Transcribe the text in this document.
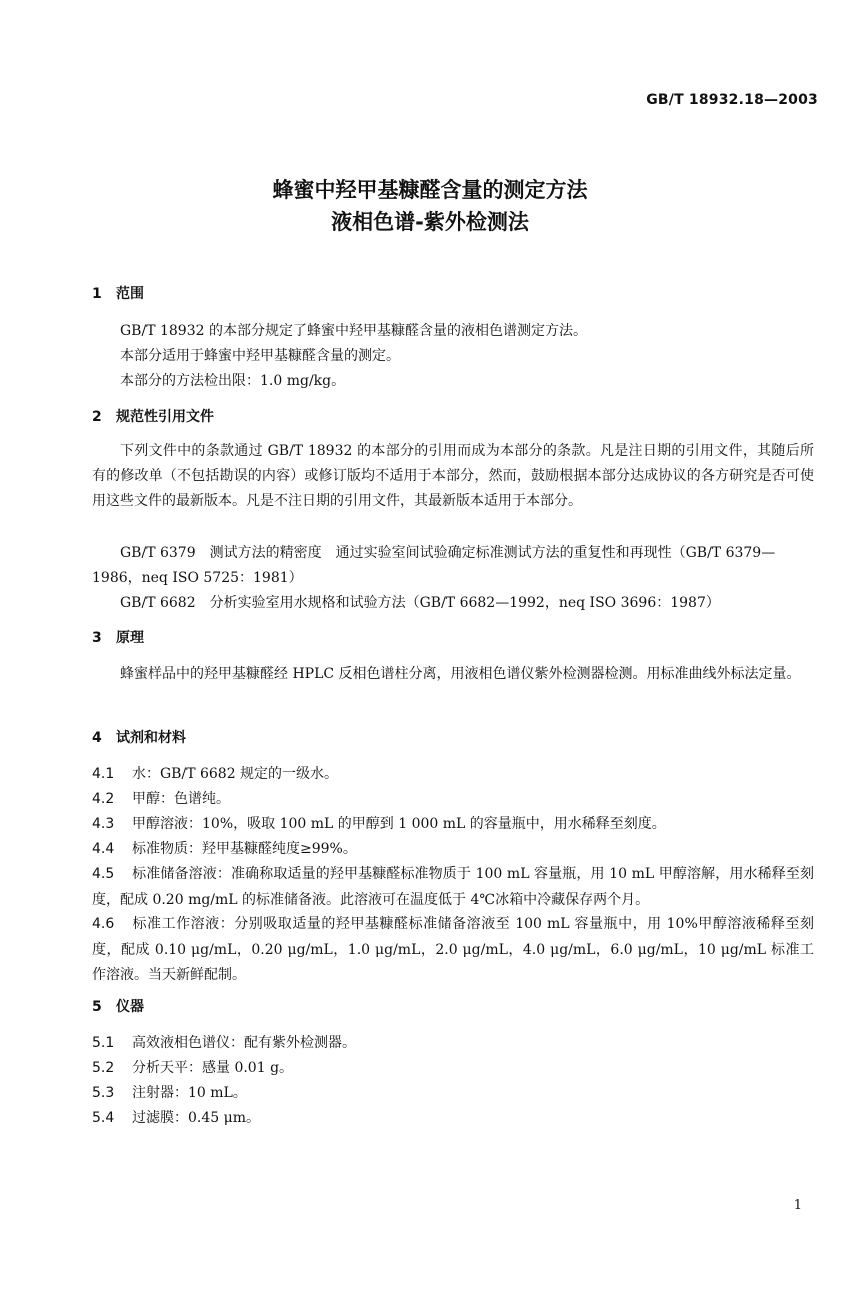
GB/T 18932.18—2003
蜂蜜中羟甲基糠醛含量的测定方法
液相色谱-紫外检测法
1 范围
GB/T 18932 的本部分规定了蜂蜜中羟甲基糠醛含量的液相色谱测定方法。
本部分适用于蜂蜜中羟甲基糠醛含量的测定。
本部分的方法检出限：1.0 mg/kg。
2 规范性引用文件
下列文件中的条款通过 GB/T 18932 的本部分的引用而成为本部分的条款。凡是注日期的引用文件，其随后所有的修改单（不包括勘误的内容）或修订版均不适用于本部分，然而，鼓励根据本部分达成协议的各方研究是否可使用这些文件的最新版本。凡是不注日期的引用文件，其最新版本适用于本部分。
GB/T 6379　测试方法的精密度　通过实验室间试验确定标准测试方法的重复性和再现性（GB/T 6379—1986，neq ISO 5725：1981）
GB/T 6682　分析实验室用水规格和试验方法（GB/T 6682—1992，neq ISO 3696：1987）
3 原理
蜂蜜样品中的羟甲基糠醛经 HPLC 反相色谱柱分离，用液相色谱仪紫外检测器检测。用标准曲线外标法定量。
4 试剂和材料
4.1 水：GB/T 6682 规定的一级水。
4.2 甲醇：色谱纯。
4.3 甲醇溶液：10%，吸取 100 mL 的甲醇到 1 000 mL 的容量瓶中，用水稀释至刻度。
4.4 标准物质：羟甲基糠醛纯度≥99%。
4.5 标准储备溶液：准确称取适量的羟甲基糠醛标准物质于 100 mL 容量瓶，用 10 mL 甲醇溶解，用水稀释至刻度，配成 0.20 mg/mL 的标准储备液。此溶液可在温度低于 4℃冰箱中冷藏保存两个月。
4.6 标准工作溶液：分别吸取适量的羟甲基糠醛标准储备溶液至 100 mL 容量瓶中，用 10%甲醇溶液稀释至刻度，配成 0.10 μg/mL，0.20 μg/mL，1.0 μg/mL，2.0 μg/mL，4.0 μg/mL，6.0 μg/mL，10 μg/mL 标准工作溶液。当天新鲜配制。
5 仪器
5.1 高效液相色谱仪：配有紫外检测器。
5.2 分析天平：感量 0.01 g。
5.3 注射器：10 mL。
5.4 过滤膜：0.45 μm。
1
